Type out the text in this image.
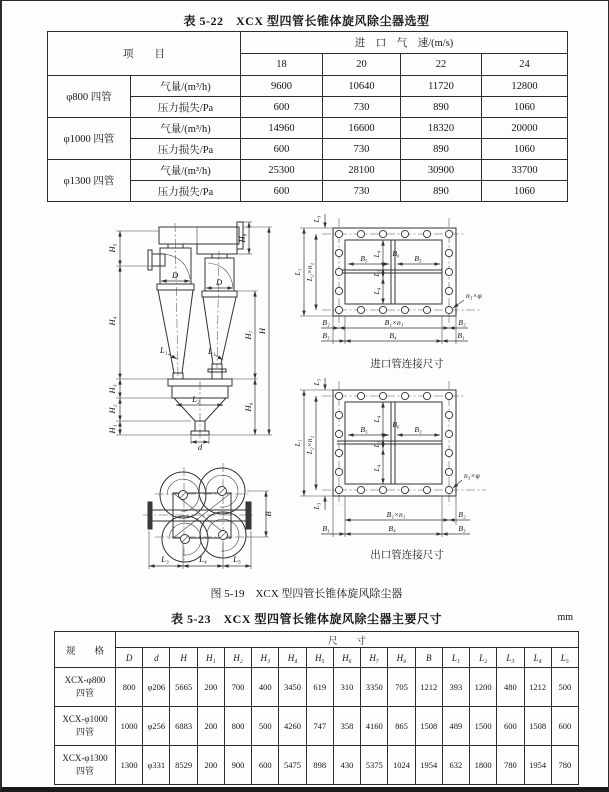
表 5-22　XCX 型四管长锥体旋风除尘器选型
项　　目		进　口　气　速/(m/s)			
		18	20	22	24
φ800 四管	气量/(m³/h)	9600	10640	11720	12800
	压力损失/Pa	600	730	890	1060
φ1000 四管	气量/(m³/h)	14960	16600	18320	20000
	压力损失/Pa	600	730	890	1060
φ1300 四管	气量/(m³/h)	25300	28100	30900	33700
	压力损失/Pa	600	730	890	1060
H₅
H₄
H₃
H₂
H₁
H₈
H₇
H₆
H
D
D
L₁	L₁
L₂
d
L₃	L₄	L₅
B
L₃
L₁ L₂×n₂
L₄
L₅
L₄
B₅
B₆
B₃
n₃×φ
B₂	B₁×n₁	B₂
B₃	B₄	B₁
进口管连接尺寸
L₅
L₁ L₂×n₂
L₃
L₄
L₅
L₄
B₅
B₆
B₃
n₃×φ
B₁×n₁	B₂
B₁	B₄	B₃
出口管连接尺寸
图 5-19　XCX 型四管长锥体旋风除尘器
表 5-23　XCX 型四管长锥体旋风除尘器主要尺寸	mm
规　　格	尺　　寸																
	D	d	H	H₁	H₂	H₃	H₄	H₅	H₆	H₇	H₈	B	L₁	L₂	L₃	L₄	L₅

XCX-φ800
四管	800	φ206	5665	200	700	400	3450	619	310	3350	705	1212	393	1200	480	1212	500

XCX-φ1000
四管	1000	φ256	6883	200	800	500	4260	747	358	4160	865	1508	489	1500	600	1508	600

XCX-φ1300
四管	1300	φ331	8529	200	900	600	5475	898	430	5375	1024	1954	632	1800	780	1954	780
